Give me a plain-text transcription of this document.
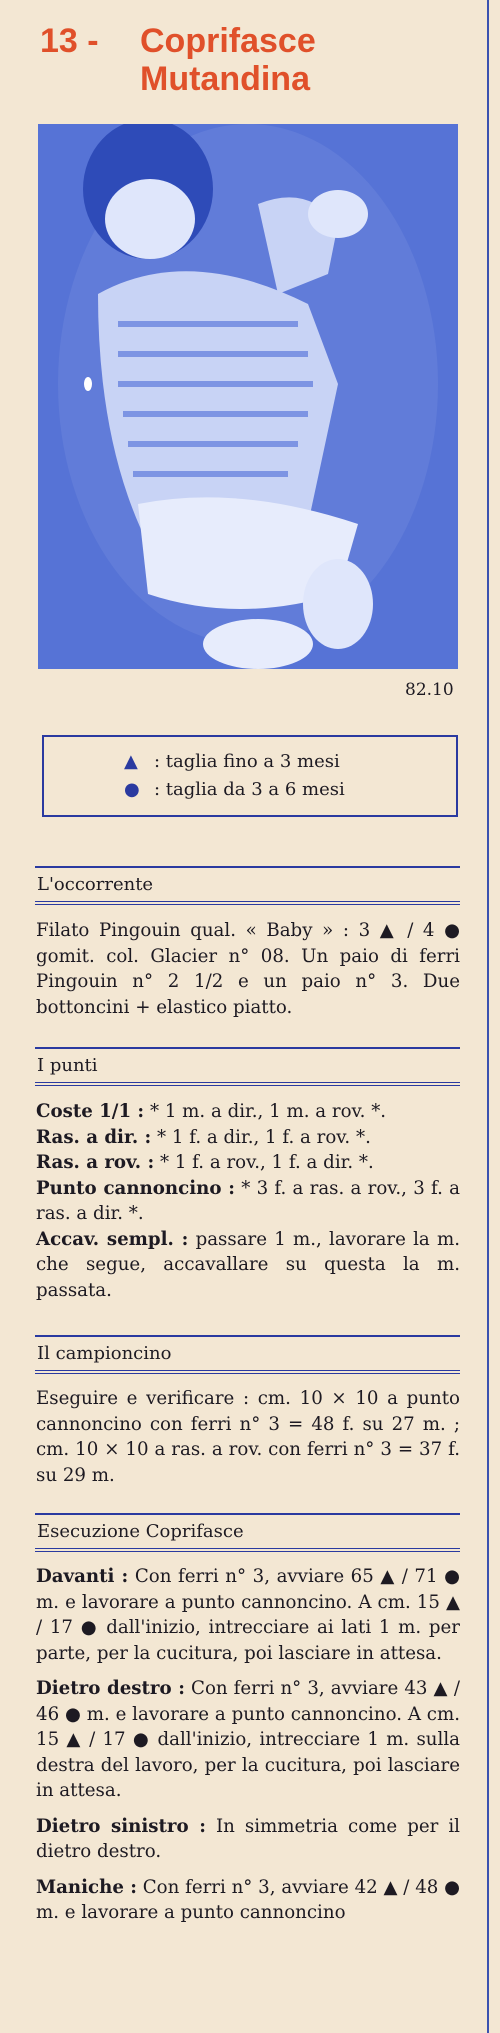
13 - Coprifasce
Mutandina
82.10
▲ : taglia fino a 3 mesi
● : taglia da 3 a 6 mesi
L'occorrente

Filato Pingouin qual. « Baby » : 3 ▲ / 4 ● gomit. col. Glacier n° 08. Un paio di ferri Pingouin n° 2 1/2 e un paio n° 3. Due bottoncini + elastico piatto.

I punti
Coste 1/1 : * 1 m. a dir., 1 m. a rov. *.
Ras. a dir. : * 1 f. a dir., 1 f. a rov. *.
Ras. a rov. : * 1 f. a rov., 1 f. a dir. *.
Punto cannoncino : * 3 f. a ras. a rov., 3 f. a ras. a dir. *.
Accav. sempl. : passare 1 m., lavorare la m. che segue, accavallare su questa la m. passata.
Il campioncino

Eseguire e verificare : cm. 10 × 10 a punto cannoncino con ferri n° 3 = 48 f. su 27 m. ; cm. 10 × 10 a ras. a rov. con ferri n° 3 = 37 f. su 29 m.

Esecuzione Coprifasce

Davanti : Con ferri n° 3, avviare 65 ▲ / 71 ● m. e lavorare a punto cannoncino. A cm. 15 ▲ / 17 ● dall'inizio, intrecciare ai lati 1 m. per parte, per la cucitura, poi lasciare in attesa.

Dietro destro : Con ferri n° 3, avviare 43 ▲ / 46 ● m. e lavorare a punto cannoncino. A cm. 15 ▲ / 17 ● dall'inizio, intrecciare 1 m. sulla destra del lavoro, per la cucitura, poi lasciare in attesa.

Dietro sinistro : In simmetria come per il dietro destro.

Maniche : Con ferri n° 3, avviare 42 ▲ / 48 ● m. e lavorare a punto cannoncino
